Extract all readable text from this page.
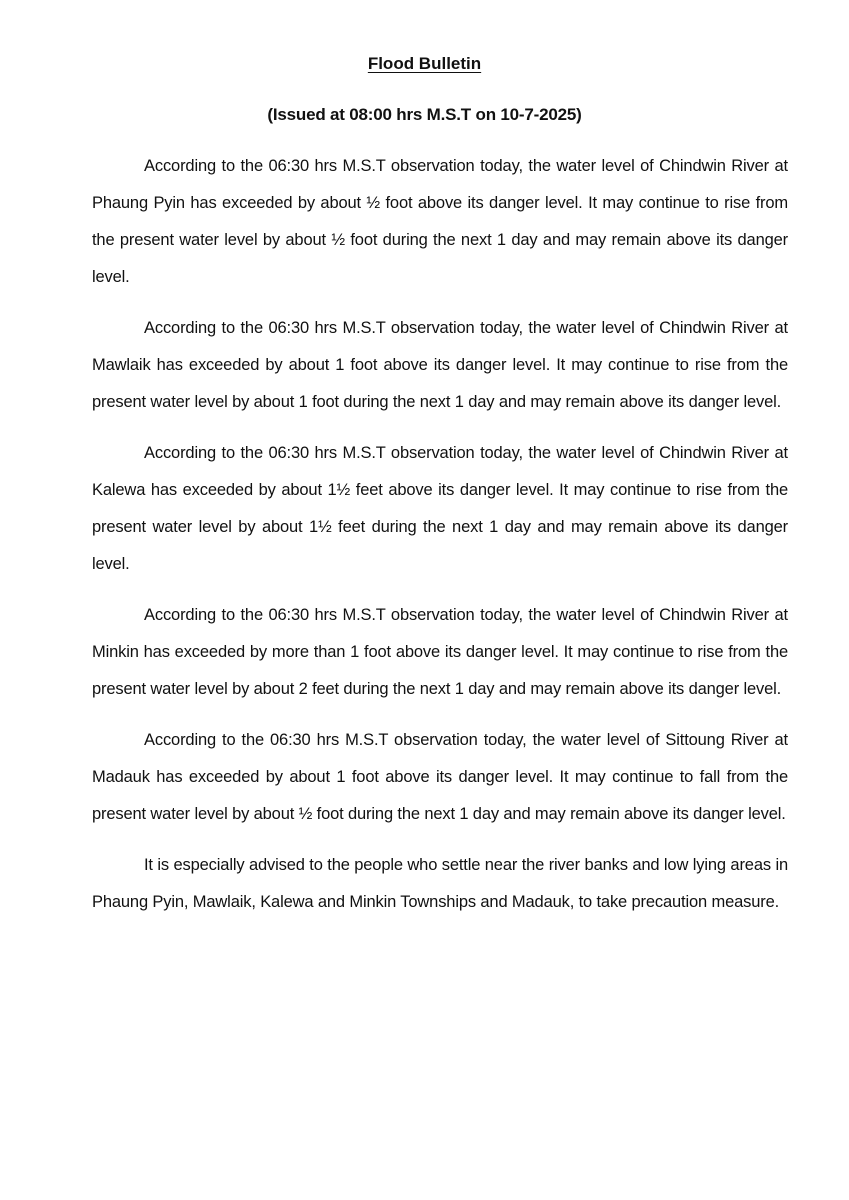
Flood Bulletin
(Issued at 08:00 hrs M.S.T on 10-7-2025)

According to the 06:30 hrs M.S.T observation today, the water level of Chindwin River at Phaung Pyin has exceeded by about ½ foot above its danger level. It may continue to rise from the present water level by about ½ foot during the next 1 day and may remain above its danger level.

According to the 06:30 hrs M.S.T observation today, the water level of Chindwin River at Mawlaik has exceeded by about 1 foot above its danger level. It may continue to rise from the present water level by about 1 foot during the next 1 day and may remain above its danger level.

According to the 06:30 hrs M.S.T observation today, the water level of Chindwin River at Kalewa has exceeded by about 1½ feet above its danger level. It may continue to rise from the present water level by about 1½ feet during the next 1 day and may remain above its danger level.

According to the 06:30 hrs M.S.T observation today, the water level of Chindwin River at Minkin has exceeded by more than 1 foot above its danger level. It may continue to rise from the present water level by about 2 feet during the next 1 day and may remain above its danger level.

According to the 06:30 hrs M.S.T observation today, the water level of Sittoung River at Madauk has exceeded by about 1 foot above its danger level. It may continue to fall from the present water level by about ½ foot during the next 1 day and may remain above its danger level.

It is especially advised to the people who settle near the river banks and low lying areas in Phaung Pyin, Mawlaik, Kalewa and Minkin Townships and Madauk, to take precaution measure.
